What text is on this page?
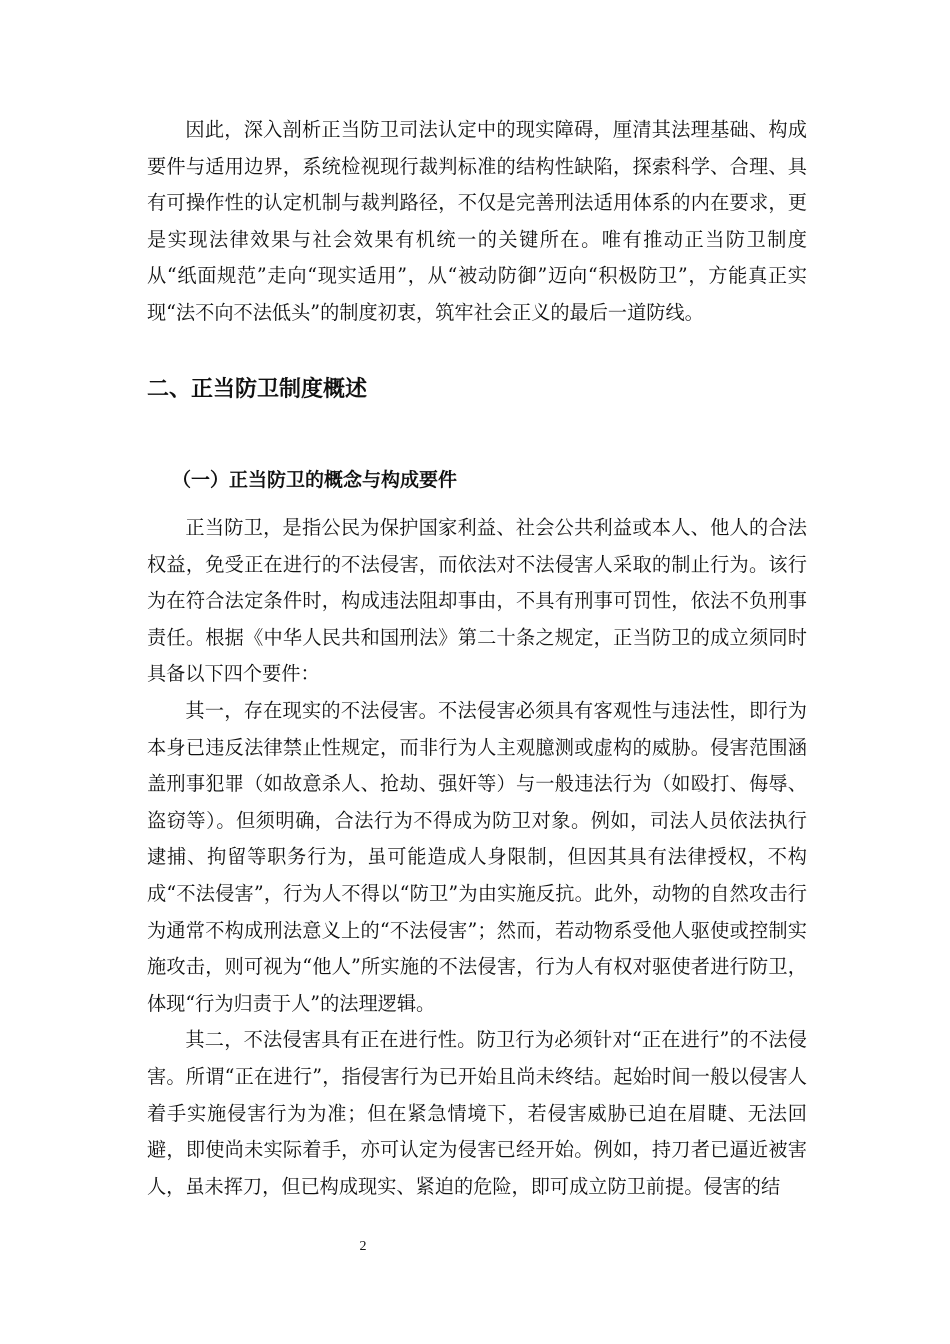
因此，深入剖析正当防卫司法认定中的现实障碍，厘清其法理基础、构成要件与适用边界，系统检视现行裁判标准的结构性缺陷，探索科学、合理、具有可操作性的认定机制与裁判路径，不仅是完善刑法适用体系的内在要求，更是实现法律效果与社会效果有机统一的关键所在。唯有推动正当防卫制度从“纸面规范”走向“现实适用”，从“被动防御”迈向“积极防卫”，方能真正实现“法不向不法低头”的制度初衷，筑牢社会正义的最后一道防线。

二、正当防卫制度概述
（一）正当防卫的概念与构成要件

正当防卫，是指公民为保护国家利益、社会公共利益或本人、他人的合法权益，免受正在进行的不法侵害，而依法对不法侵害人采取的制止行为。该行为在符合法定条件时，构成违法阻却事由，不具有刑事可罚性，依法不负刑事责任。根据《中华人民共和国刑法》第二十条之规定，正当防卫的成立须同时具备以下四个要件：

其一，存在现实的不法侵害。不法侵害必须具有客观性与违法性，即行为本身已违反法律禁止性规定，而非行为人主观臆测或虚构的威胁。侵害范围涵盖刑事犯罪（如故意杀人、抢劫、强奸等）与一般违法行为（如殴打、侮辱、盗窃等）。但须明确，合法行为不得成为防卫对象。例如，司法人员依法执行逮捕、拘留等职务行为，虽可能造成人身限制，但因其具有法律授权，不构成“不法侵害”，行为人不得以“防卫”为由实施反抗。此外，动物的自然攻击行为通常不构成刑法意义上的“不法侵害”；然而，若动物系受他人驱使或控制实施攻击，则可视为“他人”所实施的不法侵害，行为人有权对驱使者进行防卫，体现“行为归责于人”的法理逻辑。

其二，不法侵害具有正在进行性。防卫行为必须针对“正在进行”的不法侵害。所谓“正在进行”，指侵害行为已开始且尚未终结。起始时间一般以侵害人着手实施侵害行为为准；但在紧急情境下，若侵害威胁已迫在眉睫、无法回避，即使尚未实际着手，亦可认定为侵害已经开始。例如，持刀者已逼近被害人，虽未挥刀，但已构成现实、紧迫的危险，即可成立防卫前提。侵害的结

2
